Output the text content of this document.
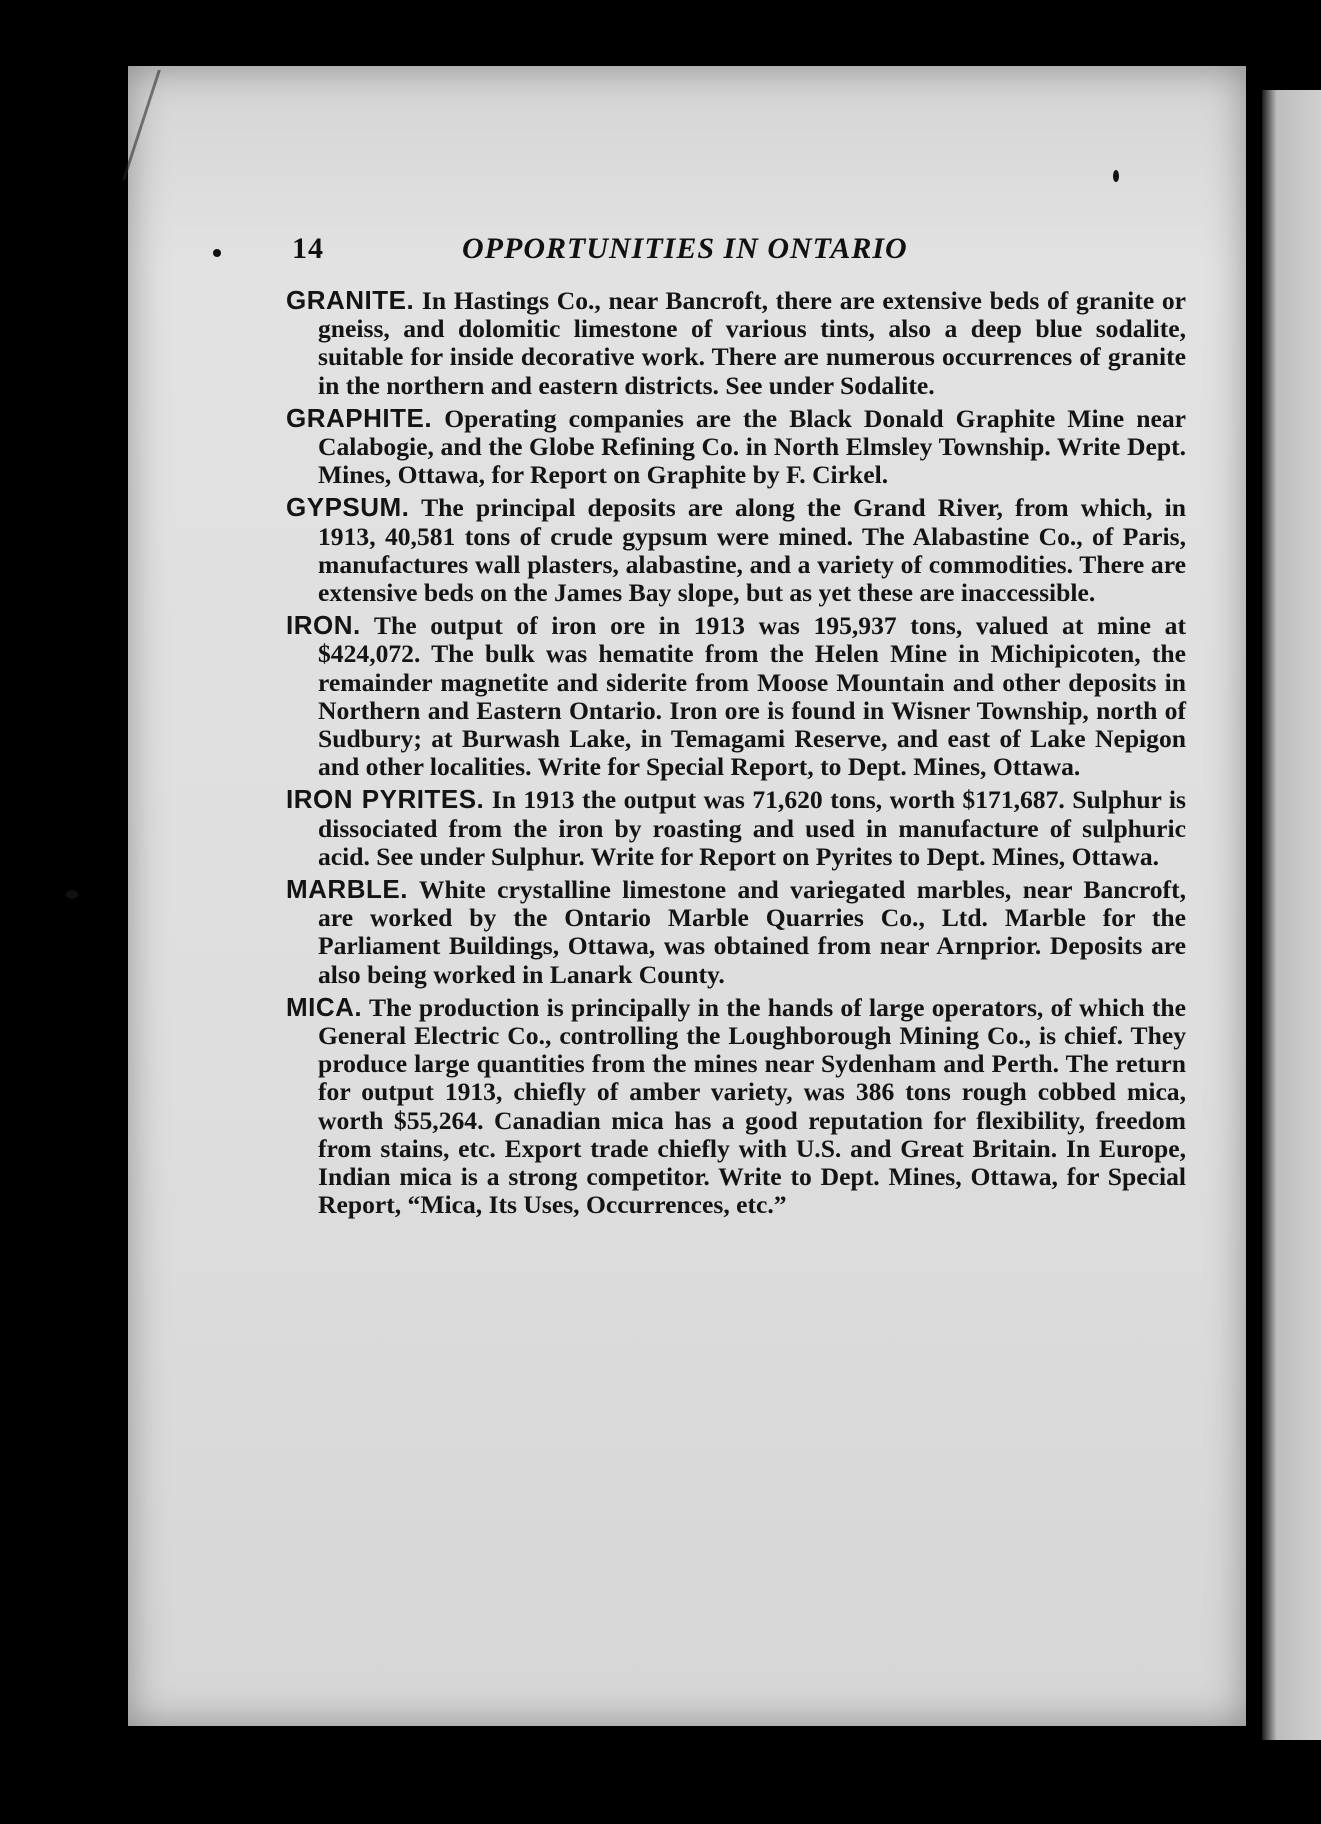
14	OPPORTUNITIES IN ONTARIO

GRANITE. In Hastings Co., near Bancroft, there are extensive beds of granite or gneiss, and dolomitic limestone of various tints, also a deep blue sodalite, suitable for inside decorative work. There are numerous occurrences of granite in the northern and eastern districts. See under Sodalite.

GRAPHITE. Operating companies are the Black Donald Graphite Mine near Calabogie, and the Globe Refining Co. in North Elmsley Township. Write Dept. Mines, Ottawa, for Report on Graphite by F. Cirkel.

GYPSUM. The principal deposits are along the Grand River, from which, in 1913, 40,581 tons of crude gypsum were mined. The Alabastine Co., of Paris, manufactures wall plasters, alabastine, and a variety of commodities. There are extensive beds on the James Bay slope, but as yet these are inaccessible.

IRON. The output of iron ore in 1913 was 195,937 tons, valued at mine at $424,072. The bulk was hematite from the Helen Mine in Michipicoten, the remainder magnetite and siderite from Moose Mountain and other deposits in Northern and Eastern Ontario. Iron ore is found in Wisner Township, north of Sudbury; at Burwash Lake, in Temagami Reserve, and east of Lake Nepigon and other localities. Write for Special Report, to Dept. Mines, Ottawa.

IRON PYRITES. In 1913 the output was 71,620 tons, worth $171,687. Sulphur is dissociated from the iron by roasting and used in manufacture of sulphuric acid. See under Sulphur. Write for Report on Pyrites to Dept. Mines, Ottawa.

MARBLE. White crystalline limestone and variegated marbles, near Bancroft, are worked by the Ontario Marble Quarries Co., Ltd. Marble for the Parliament Buildings, Ottawa, was obtained from near Arnprior. Deposits are also being worked in Lanark County.

MICA. The production is principally in the hands of large operators, of which the General Electric Co., controlling the Loughborough Mining Co., is chief. They produce large quantities from the mines near Sydenham and Perth. The return for output 1913, chiefly of amber variety, was 386 tons rough cobbed mica, worth $55,264. Canadian mica has a good reputation for flexibility, freedom from stains, etc. Export trade chiefly with U.S. and Great Britain. In Europe, Indian mica is a strong competitor. Write to Dept. Mines, Ottawa, for Special Report, “Mica, Its Uses, Occurrences, etc.”
